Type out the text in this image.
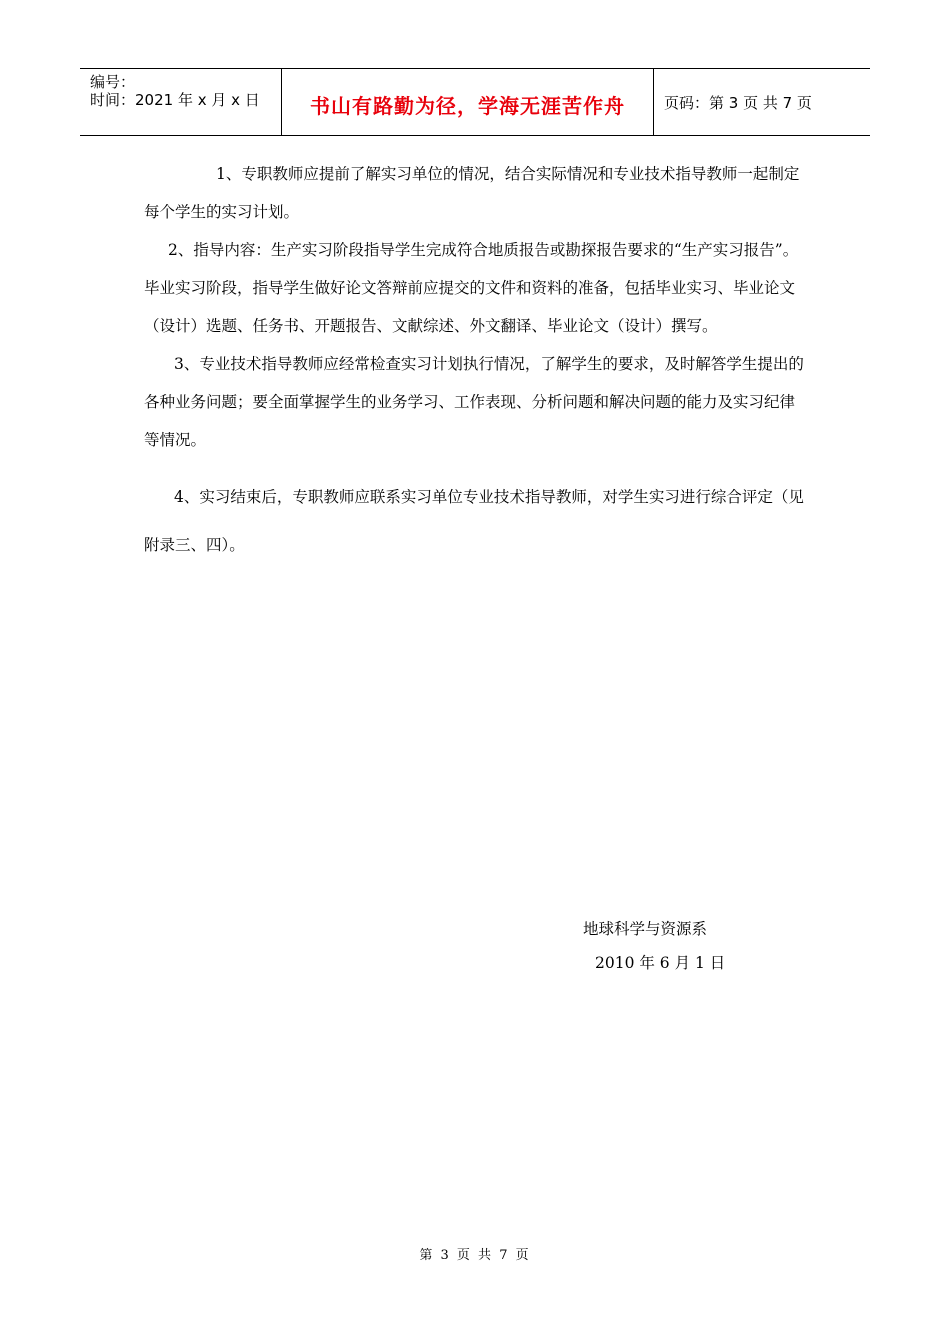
编号：
时间：2021 年 x 月 x 日	书山有路勤为径，学海无涯苦作舟	页码：第 3 页 共 7 页

1、专职教师应提前了解实习单位的情况，结合实际情况和专业技术指导教师一起制定每个学生的实习计划。

2、指导内容：生产实习阶段指导学生完成符合地质报告或勘探报告要求的“生产实习报告”。毕业实习阶段，指导学生做好论文答辩前应提交的文件和资料的准备，包括毕业实习、毕业论文（设计）选题、任务书、开题报告、文献综述、外文翻译、毕业论文（设计）撰写。

3、专业技术指导教师应经常检查实习计划执行情况，了解学生的要求，及时解答学生提出的各种业务问题；要全面掌握学生的业务学习、工作表现、分析问题和解决问题的能力及实习纪律等情况。

4、实习结束后，专职教师应联系实习单位专业技术指导教师，对学生实习进行综合评定（见附录三、四）。

地球科学与资源系
2010 年 6 月 1 日
第 3 页 共 7 页
